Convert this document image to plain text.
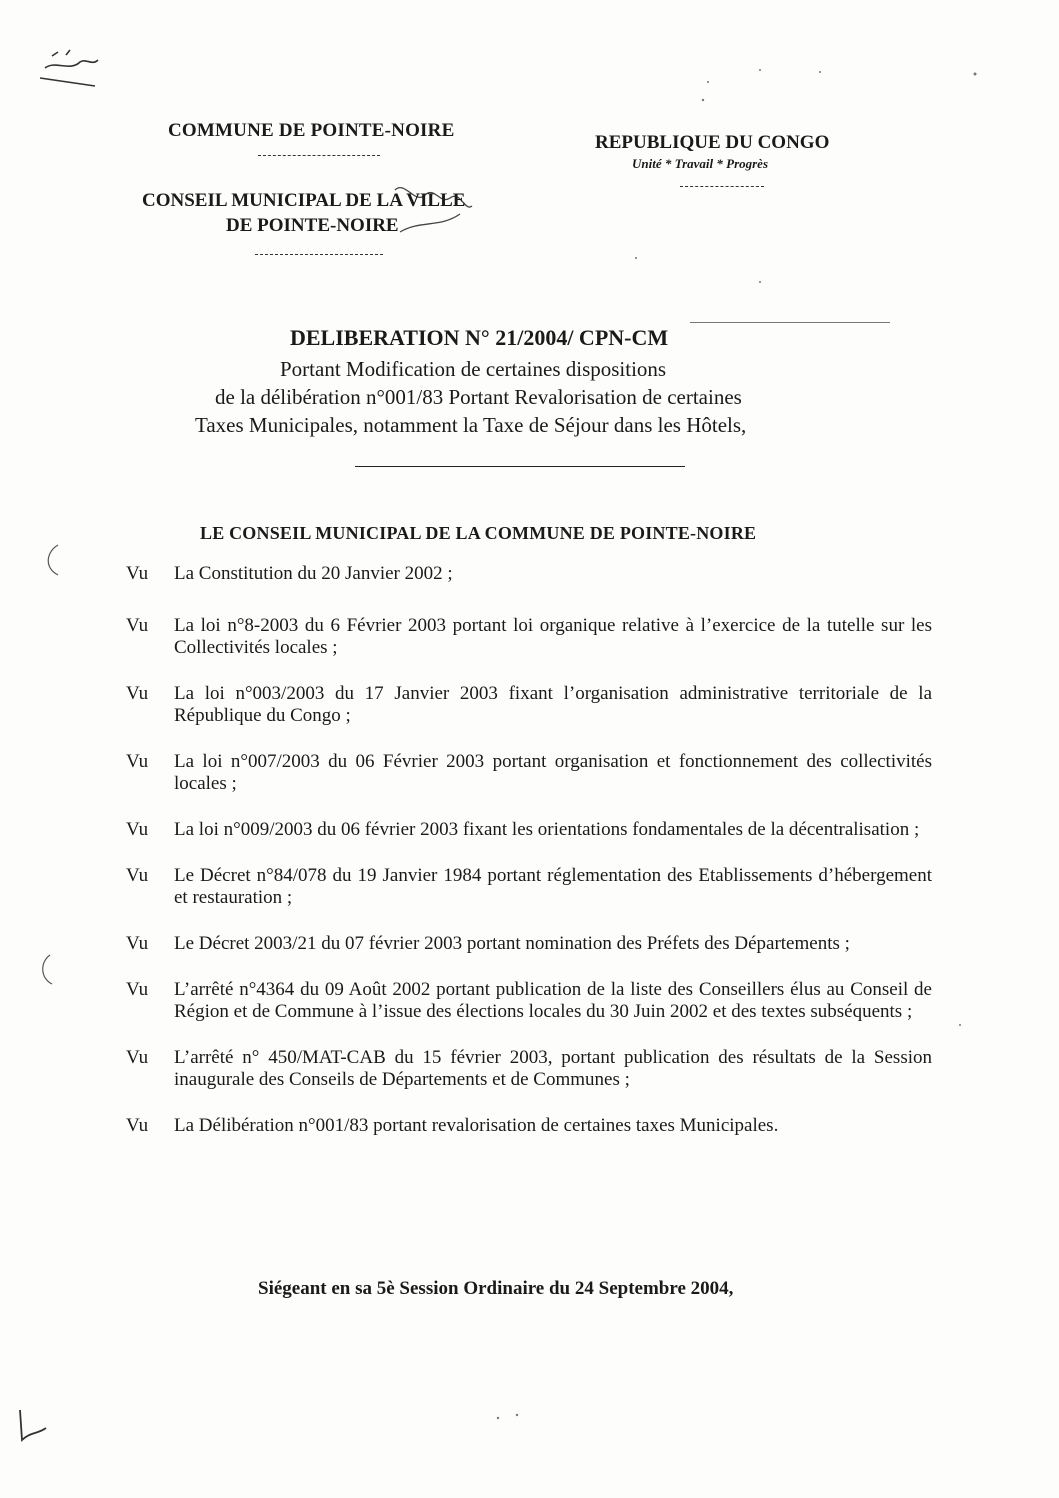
COMMUNE DE POINTE-NOIRE
REPUBLIQUE DU CONGO
Unité * Travail * Progrès
CONSEIL MUNICIPAL DE LA VILLE
DE POINTE-NOIRE
DELIBERATION N° 21/2004/ CPN-CM
Portant Modification de certaines dispositions
de la délibération n°001/83 Portant Revalorisation de certaines
Taxes Municipales, notamment la Taxe de Séjour dans les Hôtels,
LE CONSEIL MUNICIPAL DE LA COMMUNE DE POINTE-NOIRE
Vu	La Constitution du 20 Janvier 2002 ;
Vu	La loi n°8-2003 du 6 Février 2003 portant loi organique relative à l’exercice de la tutelle sur les Collectivités locales ;
Vu	La loi n°003/2003 du 17 Janvier 2003 fixant l’organisation administrative territoriale de la République du Congo ;
Vu	La loi n°007/2003 du 06 Février 2003 portant organisation et fonctionnement des collectivités locales ;
Vu	La loi n°009/2003 du 06 février 2003 fixant les orientations fondamentales de la décentralisation ;
Vu	Le Décret n°84/078 du 19 Janvier 1984 portant réglementation des Etablissements d’hébergement et restauration ;
Vu	Le Décret 2003/21 du 07 février 2003 portant nomination des Préfets des Départements ;
Vu	L’arrêté n°4364 du 09 Août 2002 portant publication de la liste des Conseillers élus au Conseil de Région et de Commune à l’issue des élections locales du 30 Juin 2002 et des textes subséquents ;
Vu	L’arrêté n° 450/MAT-CAB du 15 février 2003, portant publication des résultats de la Session inaugurale des Conseils de Départements et de Communes ;
Vu	La Délibération n°001/83 portant revalorisation de certaines taxes Municipales.
Siégeant en sa 5è Session Ordinaire du 24 Septembre 2004,
